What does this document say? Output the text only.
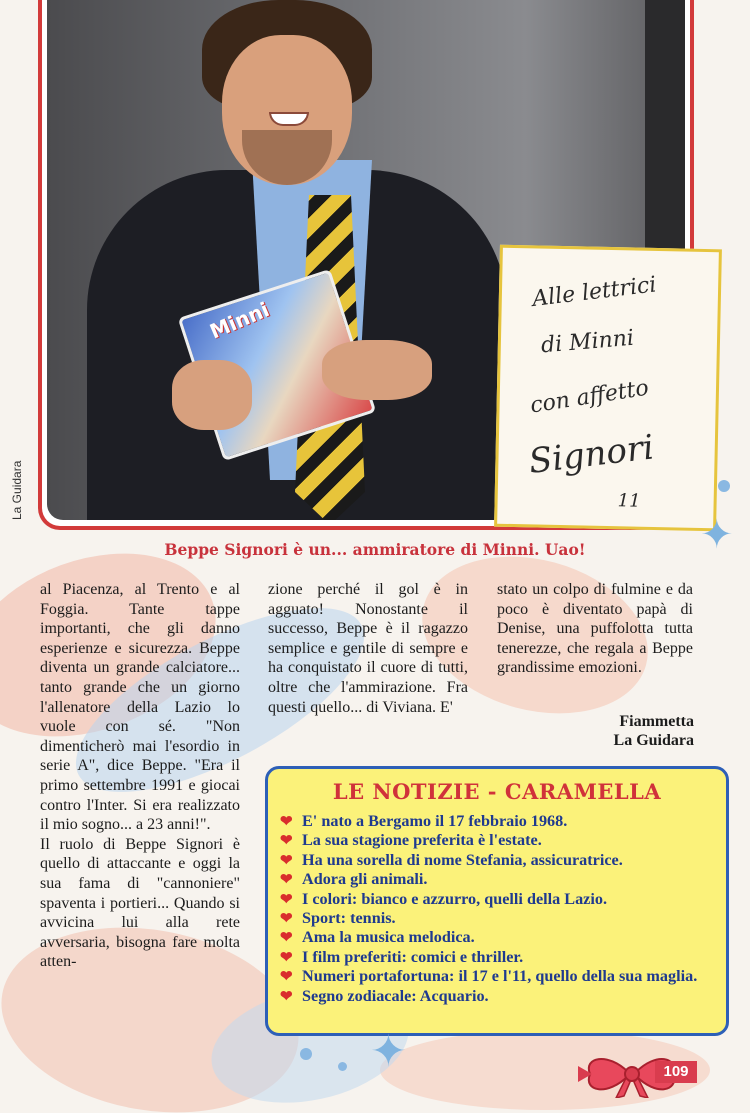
La Guidara
Minni
Alle lettrici
di Minni
con affetto
Signori
11
Beppe Signori è un... ammiratore di Minni. Uao!

al Piacenza, al Trento e al Foggia. Tante tappe importanti, che gli danno esperienze e sicurezza. Beppe diventa un grande calciatore... tanto grande che un giorno l'allenatore della Lazio lo vuole con sé. "Non dimenticherò mai l'esordio in serie A", dice Beppe. "Era il primo settembre 1991 e giocai contro l'Inter. Si era realizzato il mio sogno... a 23 anni!".

Il ruolo di Beppe Signori è quello di attaccante e oggi la sua fama di "cannoniere" spaventa i portieri... Quando si avvicina lui alla rete avversaria, bisogna fare molta atten-

zione perché il gol è in agguato! Nonostante il successo, Beppe è il ragazzo semplice e gentile di sempre e ha conquistato il cuore di tutti, oltre che l'ammirazione. Fra questi quello... di Viviana. E'

stato un colpo di fulmine e da poco è diventato papà di Denise, una puffolotta tutta tenerezze, che regala a Beppe grandissime emozioni.

Fiammetta
La Guidara
LE NOTIZIE - CARAMELLA
❤ E' nato a Bergamo il 17 febbraio 1968.
❤ La sua stagione preferita è l'estate.
❤ Ha una sorella di nome Stefania, assicuratrice.
❤ Adora gli animali.
❤ I colori: bianco e azzurro, quelli della Lazio.
❤ Sport: tennis.
❤ Ama la musica melodica.
❤ I film preferiti: comici e thriller.
❤ Numeri portafortuna: il 17 e l'11, quello della sua maglia.
❤ Segno zodiacale: Acquario.
✦
✦	109
